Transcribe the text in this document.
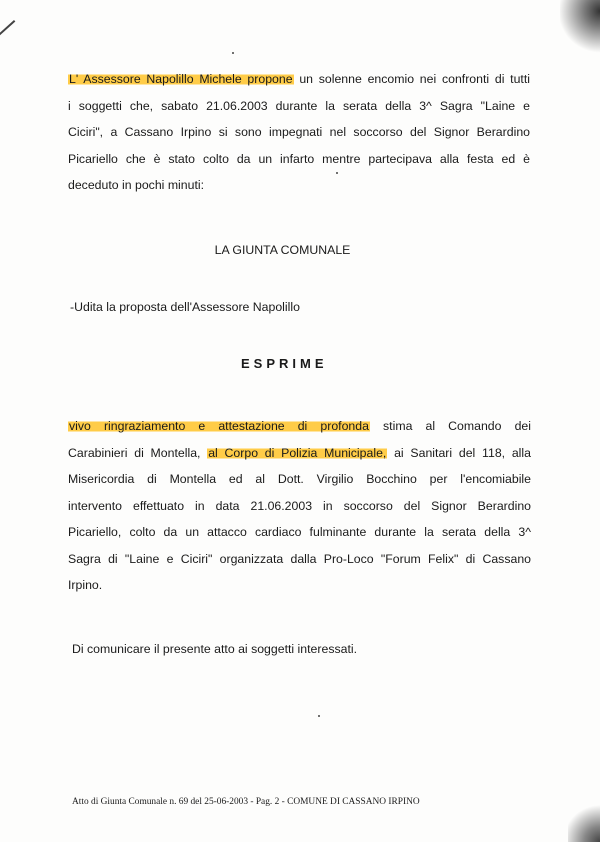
L' Assessore Napolillo Michele propone un solenne encomio nei confronti di tutti
i soggetti che, sabato 21.06.2003 durante la serata della 3^ Sagra "Laine e
Ciciri", a Cassano Irpino si sono impegnati nel soccorso del Signor Berardino
Picariello che è stato colto da un infarto mentre partecipava alla festa ed è
deceduto in pochi minuti:
LA GIUNTA COMUNALE
-Udita la proposta dell'Assessore Napolillo
ESPRIME
vivo ringraziamento e attestazione di profonda stima al Comando dei
Carabinieri di Montella, al Corpo di Polizia Municipale, ai Sanitari del 118, alla
Misericordia di Montella ed al Dott. Virgilio Bocchino per l'encomiabile
intervento effettuato in data 21.06.2003 in soccorso del Signor Berardino
Picariello, colto da un attacco cardiaco fulminante durante la serata della 3^
Sagra di "Laine e Ciciri" organizzata dalla Pro-Loco "Forum Felix" di Cassano
Irpino.
Di comunicare il presente atto ai soggetti interessati.
Atto di Giunta Comunale n. 69 del 25-06-2003 - Pag. 2 - COMUNE DI CASSANO IRPINO
